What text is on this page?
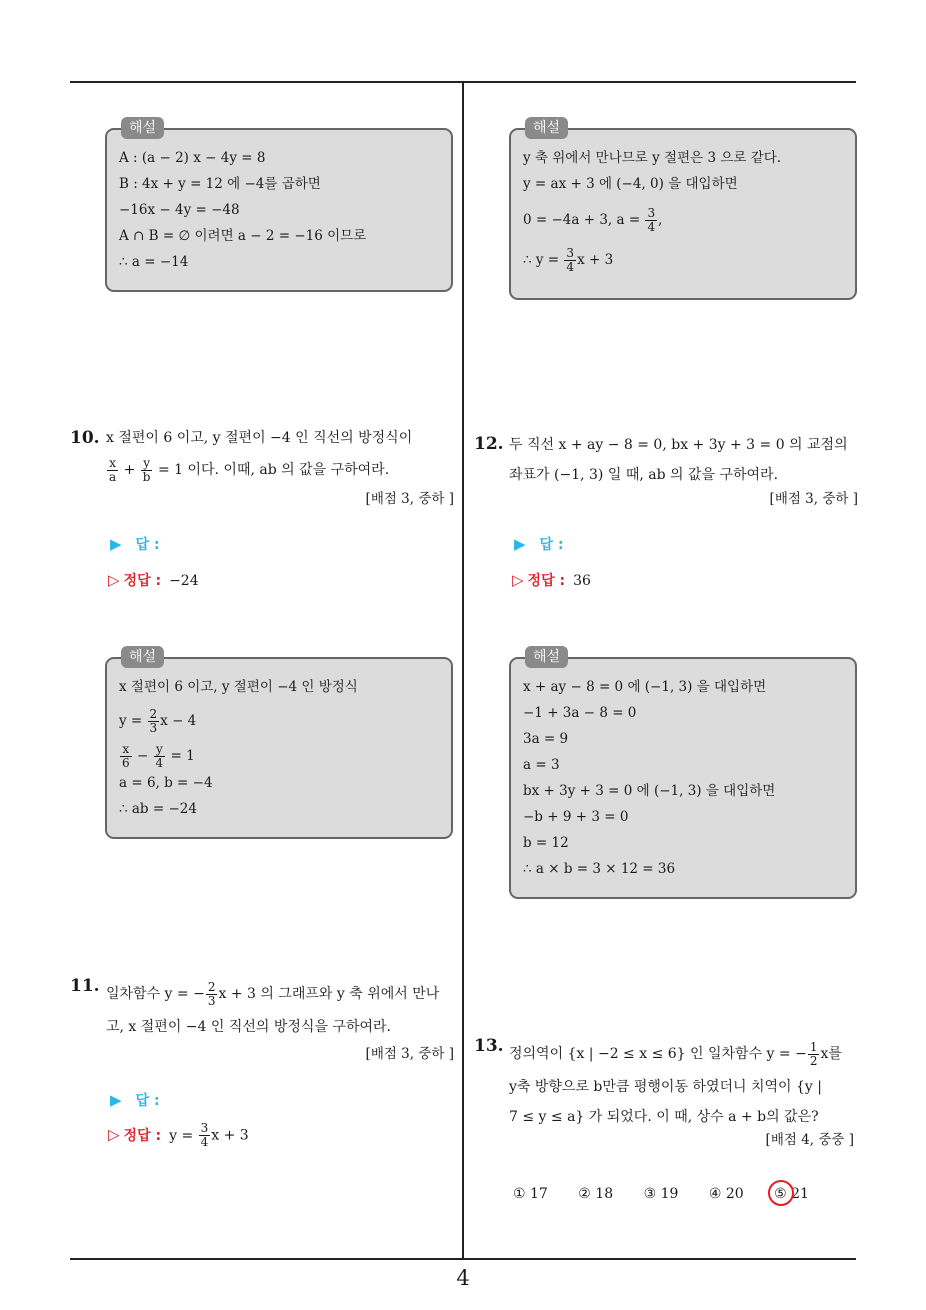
해설
A : (a − 2) x − 4y = 8
B : 4x + y = 12 에 −4를 곱하면
−16x − 4y = −48
A ∩ B = ∅ 이려면 a − 2 = −16 이므로
∴ a = −14
해설
y 축 위에서 만나므로 y 절편은 3 으로 같다.
y = ax + 3 에 (−4, 0) 을 대입하면
0 = −4a + 3, $a = \frac{3}{4}$ ,
∴ $y = \frac{3}{4}$ x + 3
10. x 절편이 6 이고, y 절편이 −4 인 직선의 방정식이
$\frac{x}{a} + \frac{y}{b} = 1$ 이다. 이때, ab 의 값을 구하여라.
[배점 3, 중하 ]
▶ 답 :
▷ 정답 : −24
해설
x 절편이 6 이고, y 절편이 −4 인 방정식
$y = \frac{2}{3}$ x − 4
$\frac{x}{6} - \frac{y}{4} = 1$
a = 6, b = −4
∴ ab = −24
11. 일차함수 y = − $\frac{2}{3}$ x + 3 의 그래프와 y 축 위에서 만나
고, x 절편이 −4 인 직선의 방정식을 구하여라.
[배점 3, 중하 ]
▶ 답 :
▷ 정답 : $y = \frac{3}{4}$ x + 3
12. 두 직선 x + ay − 8 = 0, bx + 3y + 3 = 0 의 교점의
좌표가 (−1, 3) 일 때, ab 의 값을 구하여라.
[배점 3, 중하 ]
▶ 답 :
▷ 정답 : 36
해설
x + ay − 8 = 0 에 (−1, 3) 을 대입하면
−1 + 3a − 8 = 0
3a = 9
a = 3
bx + 3y + 3 = 0 에 (−1, 3) 을 대입하면
−b + 9 + 3 = 0
b = 12
∴ a × b = 3 × 12 = 36
13. 정의역이 {x | −2 ≤ x ≤ 6} 인 일차함수 y = − $\frac{1}{2}$ x를
y축 방향으로 b만큼 평행이동 하였더니 치역이 {y |
7 ≤ y ≤ a} 가 되었다. 이 때, 상수 a + b의 값은?
[배점 4, 중중 ]
① 17 ② 18 ③ 19 ④ 20 ⑤ 21
4
